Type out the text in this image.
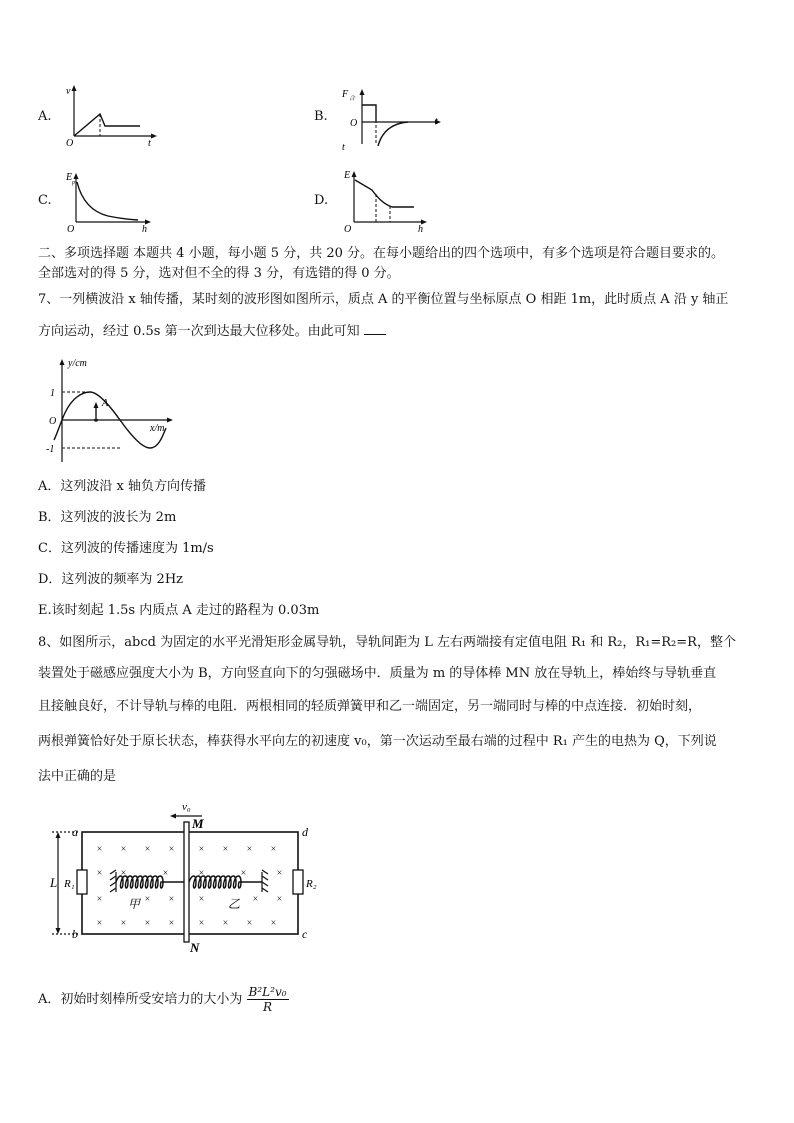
A.	B.
C.	D.
v
t
O
F 合
t
O
t
E p
h
O
E
h
O
二、多项选择题 本题共 4 小题，每小题 5 分，共 20 分。在每小题给出的四个选项中，有多个选项是符合题目要求的。
全部选对的得 5 分，选对但不全的得 3 分，有选错的得 0 分。
7、一列横波沿 x 轴传播，某时刻的波形图如图所示，质点 A 的平衡位置与坐标原点 O 相距 1m，此时质点 A 沿 y 轴正
方向运动，经过 0.5s 第一次到达最大位移处。由此可知
y/cm
x/m
1
-1
O
A
A．这列波沿 x 轴负方向传播
B．这列波的波长为 2m
C．这列波的传播速度为 1m/s
D．这列波的频率为 2Hz
E.该时刻起 1.5s 内质点 A 走过的路程为 0.03m
8、如图所示，abcd 为固定的水平光滑矩形金属导轨，导轨间距为 L 左右两端接有定值电阻 R₁ 和 R₂，R₁=R₂=R，整个
装置处于磁感应强度大小为 B，方向竖直向下的匀强磁场中．质量为 m 的导体棒 MN 放在导轨上，棒始终与导轨垂直
且接触良好，不计导轨与棒的电阻．两根相同的轻质弹簧甲和乙一端固定，另一端同时与棒的中点连接．初始时刻，
两根弹簧恰好处于原长状态，棒获得水平向左的初速度 v₀，第一次运动至最右端的过程中 R₁ 产生的电热为 Q，下列说
法中正确的是
L R₁	R₂
a
b	c
d
M
N
v₀
甲	乙
× × × × × × × ×
× ×	×	×	×	×
×	× × ×	× ×
× × × × × × × ×
A．初始时刻棒所受安培力的大小为 $\frac{\text{B²L²v₀}}{R}$
